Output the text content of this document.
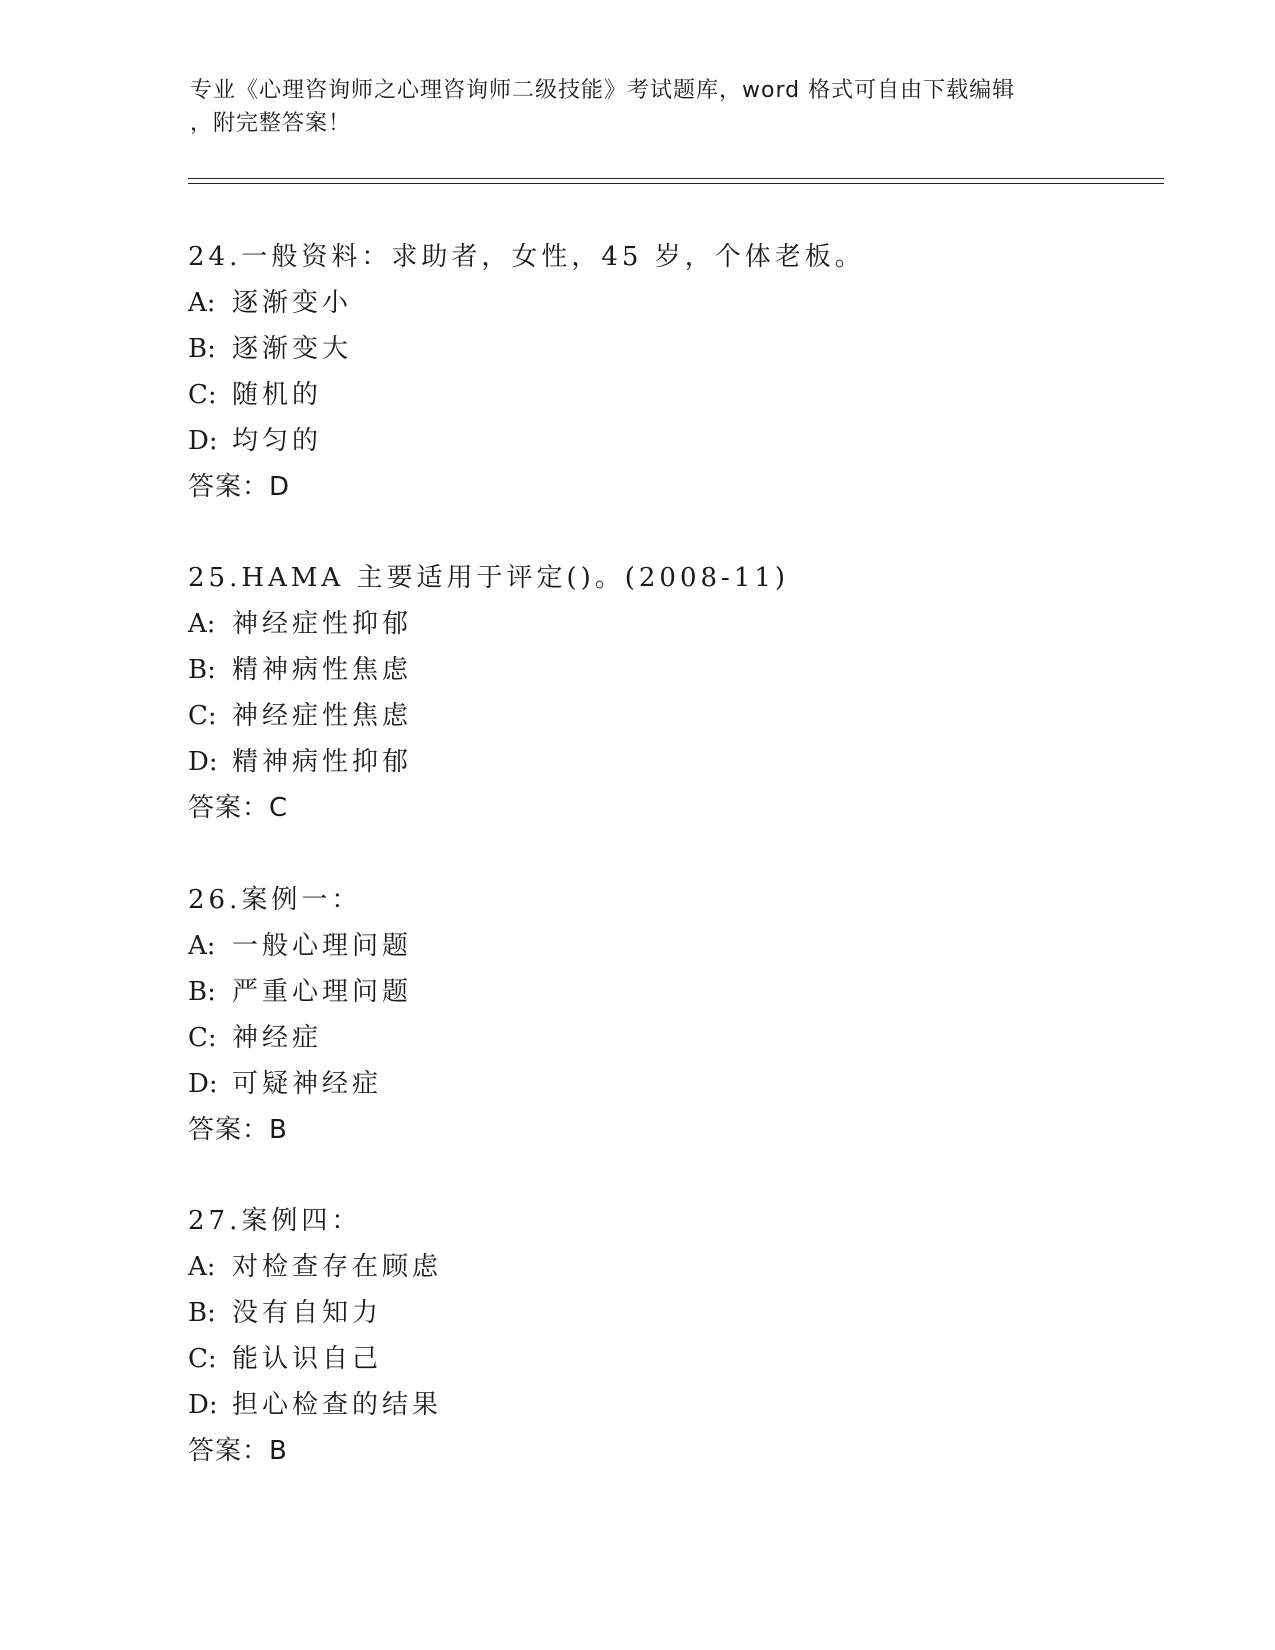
专业《心理咨询师之心理咨询师二级技能》考试题库，word 格式可自由下载编辑
，附完整答案！
24.一般资料：求助者，女性，45 岁，个体老板。
A: 逐渐变小
B: 逐渐变大
C: 随机的
D: 均匀的
答案：D
25.HAMA 主要适用于评定()。(2008-11)
A: 神经症性抑郁
B: 精神病性焦虑
C: 神经症性焦虑
D: 精神病性抑郁
答案：C
26.案例一：
A: 一般心理问题
B: 严重心理问题
C: 神经症
D: 可疑神经症
答案：B
27.案例四：
A: 对检查存在顾虑
B: 没有自知力
C: 能认识自己
D: 担心检查的结果
答案：B
